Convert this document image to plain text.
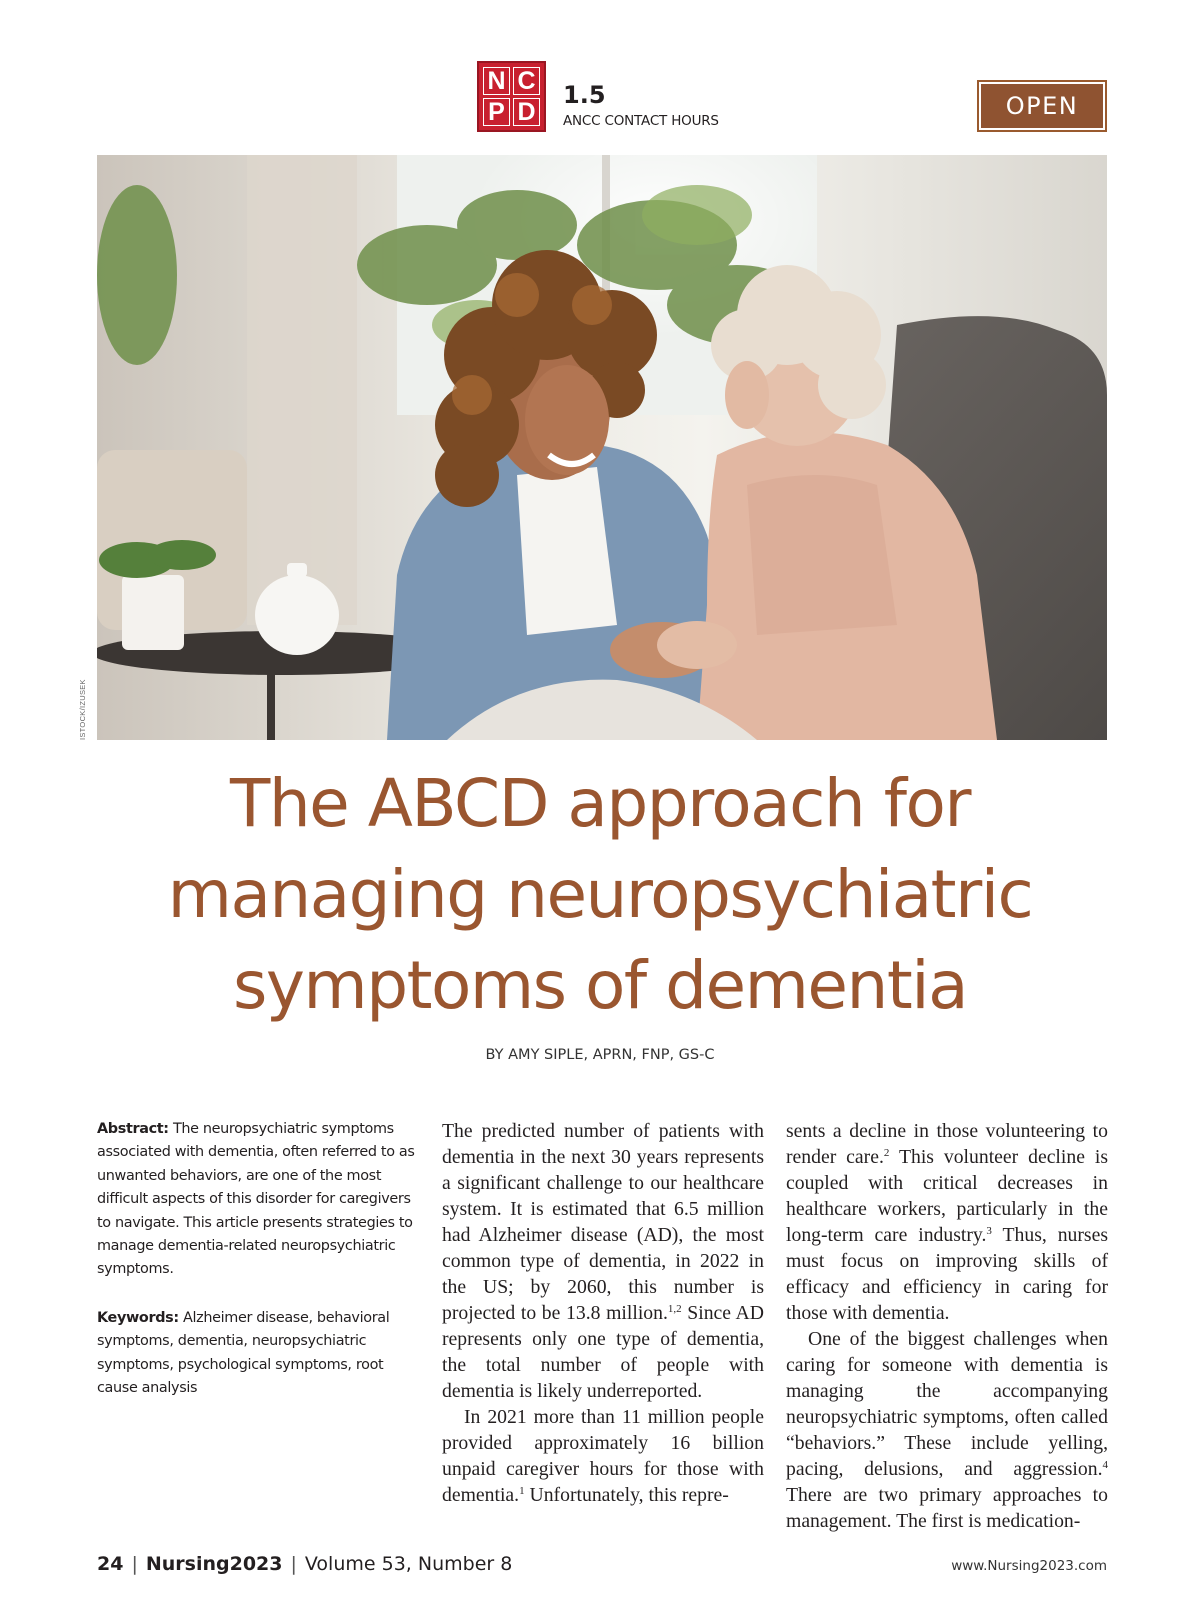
N C
P D
1.5
ANCC CONTACT HOURS
OPEN
ISTOCK/IZUSEK
The ABCD approach for
managing neuropsychiatric
symptoms of dementia
BY AMY SIPLE, APRN, FNP, GS-C
Abstract: The neuropsychiatric symptoms associated with dementia, often referred to as unwanted behaviors, are one of the most difficult aspects of this disorder for caregivers to navigate. This article presents strategies to manage dementia-related neuropsychiatric symptoms.
Keywords: Alzheimer disease, behavioral symptoms, dementia, neuropsychiatric symptoms, psychological symptoms, root cause analysis

The predicted number of patients with dementia in the next 30 years represents a significant challenge to our healthcare system. It is estimated that 6.5 million had Alzheimer disease (AD), the most common type of dementia, in 2022 in the US; by 2060, this number is projected to be 13.8 million.$^{1,2}$ Since AD represents only one type of dementia, the total number of people with dementia is likely underreported.

In 2021 more than 11 million people provided approximately 16 billion unpaid caregiver hours for those with dementia.$^1$ Unfortunately, this repre-

sents a decline in those volunteering to render care.$^2$ This volunteer decline is coupled with critical decreases in healthcare workers, particularly in the long-term care industry.$^3$ Thus, nurses must focus on improving skills of efficacy and efficiency in caring for those with dementia.

One of the biggest challenges when caring for someone with dementia is managing the accompanying neuropsychiatric symptoms, often called “behaviors.” These include yelling, pacing, delusions, and aggression.$^4$ There are two primary approaches to management. The first is medication-

24 | Nursing2023 | Volume 53, Number 8	www.Nursing2023.com
